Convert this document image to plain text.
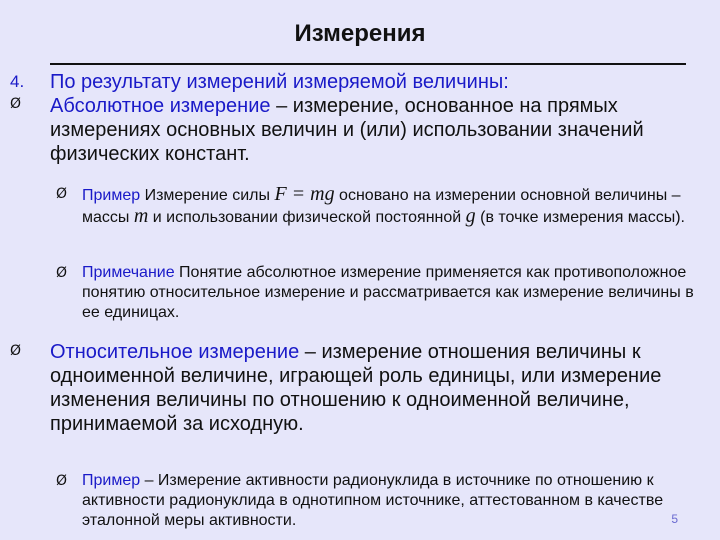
Измерения
4. По результату измерений измеряемой величины:
Ø Абсолютное измерение – измерение, основанное на прямых измерениях основных величин и (или) использовании значений физических констант.
Ø Пример Измерение силы F = mg основано на измерении основной величины – массы m и использовании физической постоянной g (в точке измерения массы).
Ø Примечание Понятие абсолютное измерение применяется как противоположное понятию относительное измерение и рассматривается как измерение величины в ее единицах.
Ø Относительное измерение – измерение отношения величины к одноименной величине, играющей роль единицы, или измерение изменения величины по отношению к одноименной величине, принимаемой за исходную.
Ø Пример – Измерение активности радионуклида в источнике по отношению к активности радионуклида в однотипном источнике, аттестованном в качестве эталонной меры активности.	5
